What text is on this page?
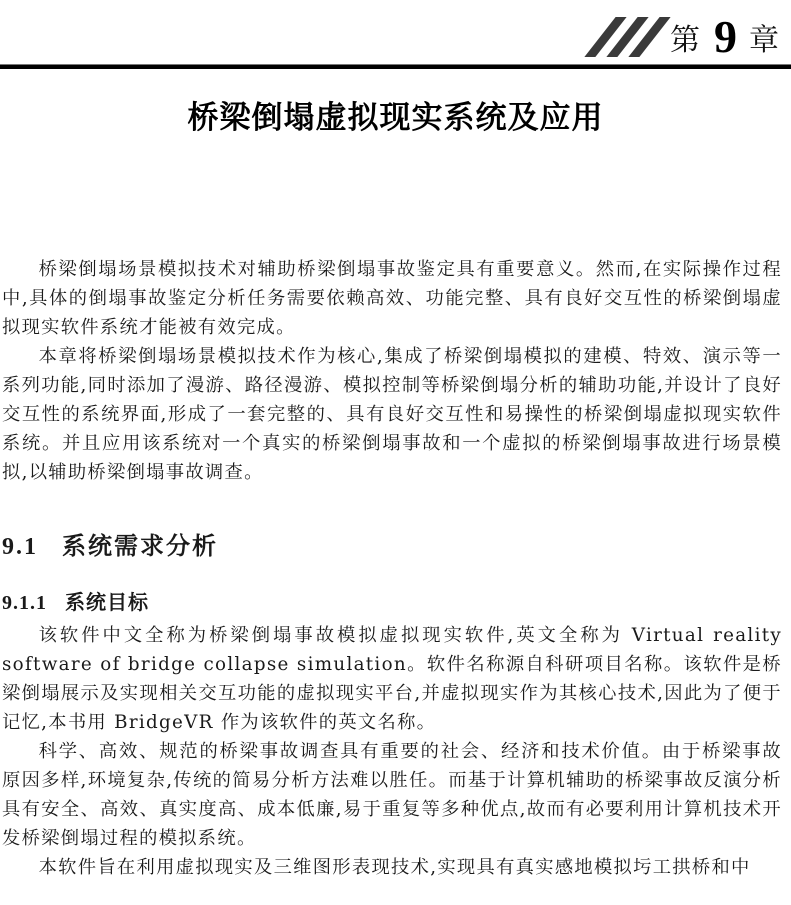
第 9 章
桥梁倒塌虚拟现实系统及应用

桥梁倒塌场景模拟技术对辅助桥梁倒塌事故鉴定具有重要意义。然而,在实际操作过程中,具体的倒塌事故鉴定分析任务需要依赖高效、功能完整、具有良好交互性的桥梁倒塌虚拟现实软件系统才能被有效完成。

本章将桥梁倒塌场景模拟技术作为核心,集成了桥梁倒塌模拟的建模、特效、演示等一系列功能,同时添加了漫游、路径漫游、模拟控制等桥梁倒塌分析的辅助功能,并设计了良好交互性的系统界面,形成了一套完整的、具有良好交互性和易操性的桥梁倒塌虚拟现实软件系统。并且应用该系统对一个真实的桥梁倒塌事故和一个虚拟的桥梁倒塌事故进行场景模拟,以辅助桥梁倒塌事故调查。

9.1 系统需求分析
9.1.1 系统目标

该软件中文全称为桥梁倒塌事故模拟虚拟现实软件,英文全称为 Virtual reality software of bridge collapse simulation。软件名称源自科研项目名称。该软件是桥梁倒塌展示及实现相关交互功能的虚拟现实平台,并虚拟现实作为其核心技术,因此为了便于记忆,本书用 BridgeVR 作为该软件的英文名称。

科学、高效、规范的桥梁事故调查具有重要的社会、经济和技术价值。由于桥梁事故原因多样,环境复杂,传统的简易分析方法难以胜任。而基于计算机辅助的桥梁事故反演分析具有安全、高效、真实度高、成本低廉,易于重复等多种优点,故而有必要利用计算机技术开发桥梁倒塌过程的模拟系统。

本软件旨在利用虚拟现实及三维图形表现技术,实现具有真实感地模拟圬工拱桥和中
